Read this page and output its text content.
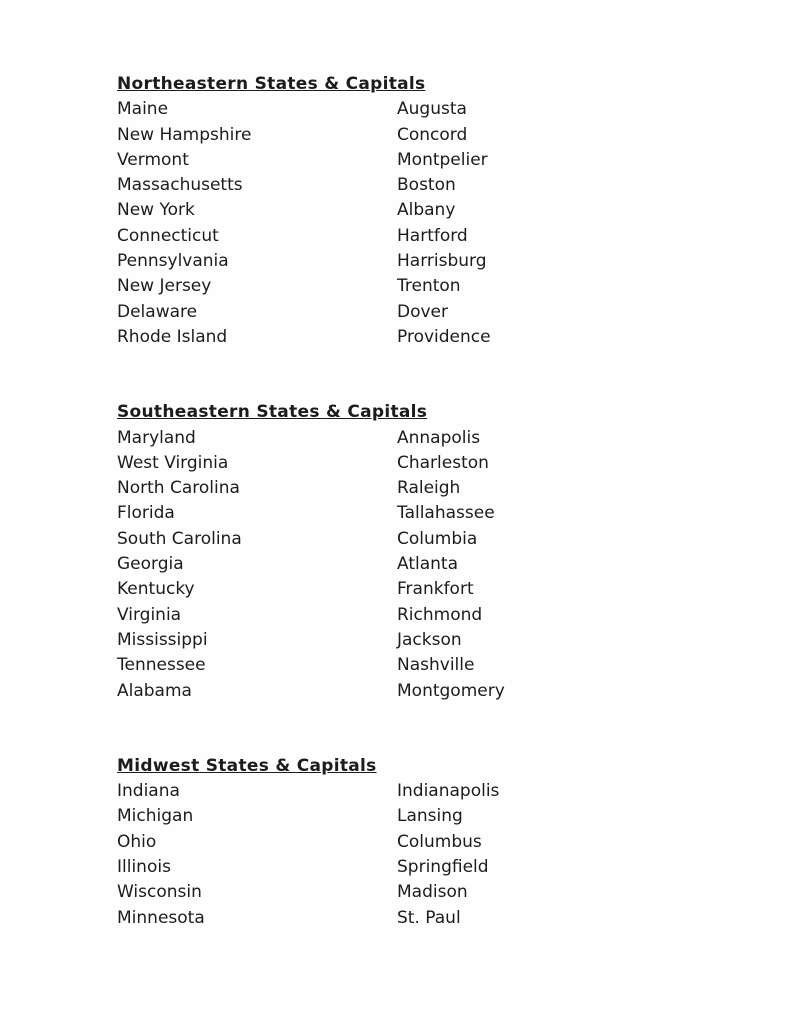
Northeastern States & Capitals
Maine	Augusta
New Hampshire	Concord
Vermont	Montpelier
Massachusetts	Boston
New York	Albany
Connecticut	Hartford
Pennsylvania	Harrisburg
New Jersey	Trenton
Delaware	Dover
Rhode Island	Providence
Southeastern States & Capitals
Maryland	Annapolis
West Virginia	Charleston
North Carolina	Raleigh
Florida	Tallahassee
South Carolina	Columbia
Georgia	Atlanta
Kentucky	Frankfort
Virginia	Richmond
Mississippi	Jackson
Tennessee	Nashville
Alabama	Montgomery
Midwest States & Capitals
Indiana	Indianapolis
Michigan	Lansing
Ohio	Columbus
Illinois	Springfield
Wisconsin	Madison
Minnesota	St. Paul
